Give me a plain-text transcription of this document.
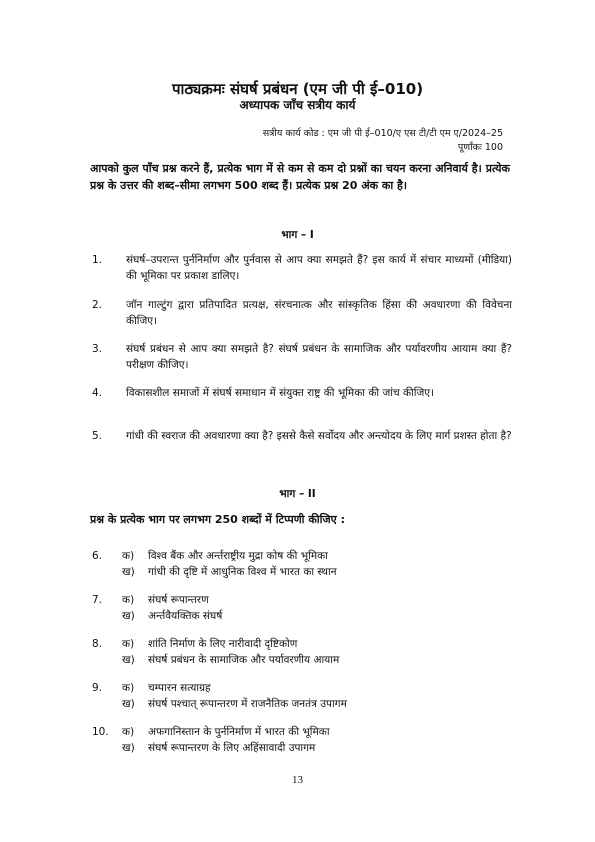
पाठ्यक्रमः संघर्ष प्रबंधन (एम जी पी ई–010)
अध्यापक जाँच सत्रीय कार्य
सत्रीय कार्य कोड : एम जी पी ई–010/ए एस टी/टी एम ए/2024–25
पूर्णांकः 100
आपको कुल पाँच प्रश्न करने हैं, प्रत्येक भाग में से कम से कम दो प्रश्नों का चयन करना अनिवार्य है। प्रत्येक प्रश्न के उत्तर की शब्द–सीमा लगभग 500 शब्द हैं। प्रत्येक प्रश्न 20 अंक का है।
भाग – I
1.	संघर्ष–उपरान्त पुर्ननिर्माण और पुर्नवास से आप क्या समझते हैं? इस कार्य में संचार माध्यमों (मीडिया) की भूमिका पर प्रकाश डालिए।
2.	जॉन गाल्टुंग द्वारा प्रतिपादित प्रत्यक्ष, संरचनात्क और सांस्कृतिक हिंसा की अवधारणा की विवेचना कीजिए।
3.	संघर्ष प्रबंधन से आप क्या समझते है? संघर्ष प्रबंधन के सामाजिक और पर्यावरणीय आयाम क्या हैं? परीक्षण कीजिए।
4.	विकासशील समाजों में संघर्ष समाधान में संयुक्त राष्ट्र की भूमिका की जांच कीजिए।
5.	गांधी की स्वराज की अवधारणा क्या है? इससे कैसे सर्वोदय और अन्त्योदय के लिए मार्ग प्रशस्त होता है?
भाग – II
प्रश्न के प्रत्येक भाग पर लगभग 250 शब्दों में टिप्पणी कीजिए :
6.	क)	विश्व बैंक और अर्न्तराष्ट्रीय मुद्रा कोष की भूमिका
ख)	गांधी की दृष्टि में आधुनिक विश्व में भारत का स्थान
7.	क)	संघर्ष रूपान्तरण
ख)	अर्न्तवैयक्तिक संघर्ष
8.	क)	शांति निर्माण के लिए नारीवादी दृष्टिकोण
ख)	संघर्ष प्रबंधन के सामाजिक और पर्यावरणीय आयाम
9.	क)	चम्पारन सत्याग्रह
ख)	संघर्ष पश्चात् रूपान्तरण में राजनैतिक जनतंत्र उपागम
10.	क)	अफगानिस्तान के पुर्ननिर्माण में भारत की भूमिका
ख)	संघर्ष रूपान्तरण के लिए अहिंसावादी उपागम
13
